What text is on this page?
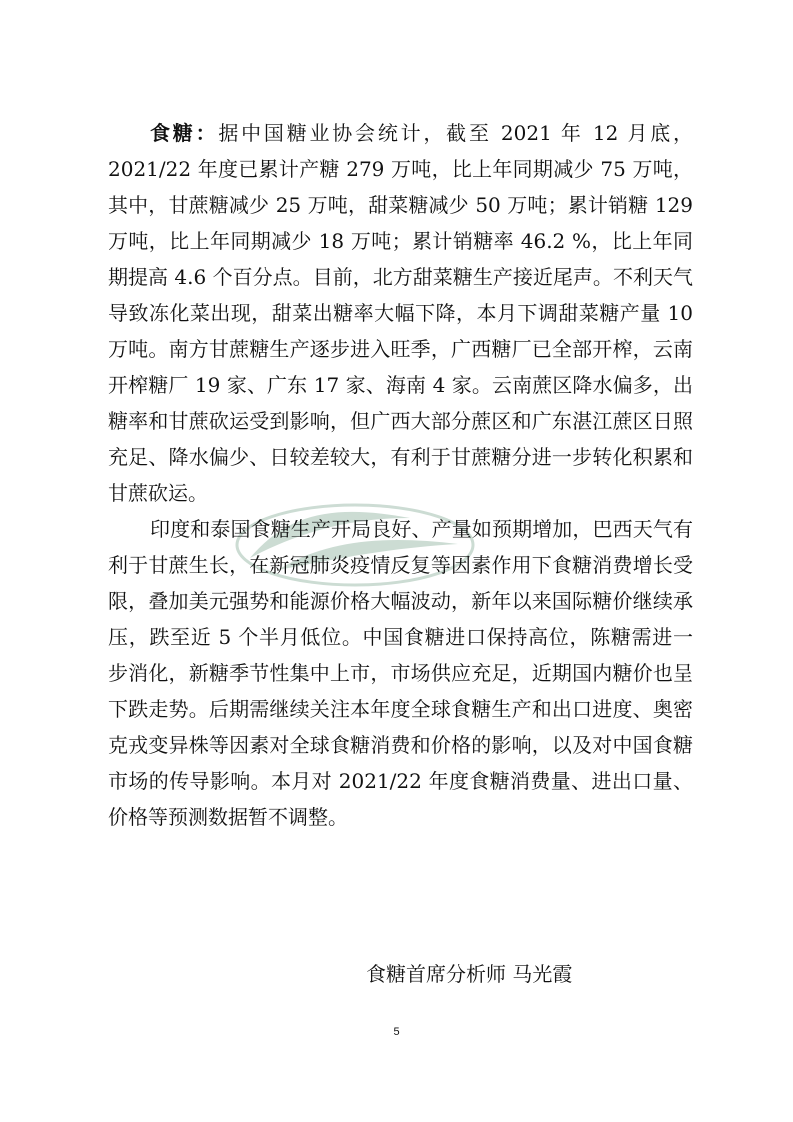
食糖：据中国糖业协会统计，截至 2021 年 12 月底，2021/22 年度已累计产糖 279 万吨，比上年同期减少 75 万吨，其中，甘蔗糖减少 25 万吨，甜菜糖减少 50 万吨；累计销糖 129 万吨，比上年同期减少 18 万吨；累计销糖率 46.2 %，比上年同期提高 4.6 个百分点。目前，北方甜菜糖生产接近尾声。不利天气导致冻化菜出现，甜菜出糖率大幅下降，本月下调甜菜糖产量 10 万吨。南方甘蔗糖生产逐步进入旺季，广西糖厂已全部开榨，云南开榨糖厂 19 家、广东 17 家、海南 4 家。云南蔗区降水偏多，出糖率和甘蔗砍运受到影响，但广西大部分蔗区和广东湛江蔗区日照充足、降水偏少、日较差较大，有利于甘蔗糖分进一步转化积累和甘蔗砍运。

印度和泰国食糖生产开局良好、产量如预期增加，巴西天气有利于甘蔗生长，在新冠肺炎疫情反复等因素作用下食糖消费增长受限，叠加美元强势和能源价格大幅波动，新年以来国际糖价继续承压，跌至近 5 个半月低位。中国食糖进口保持高位，陈糖需进一步消化，新糖季节性集中上市，市场供应充足，近期国内糖价也呈下跌走势。后期需继续关注本年度全球食糖生产和出口进度、奥密克戎变异株等因素对全球食糖消费和价格的影响，以及对中国食糖市场的传导影响。本月对 2021/22 年度食糖消费量、进出口量、价格等预测数据暂不调整。

食糖首席分析师 马光霞
5
